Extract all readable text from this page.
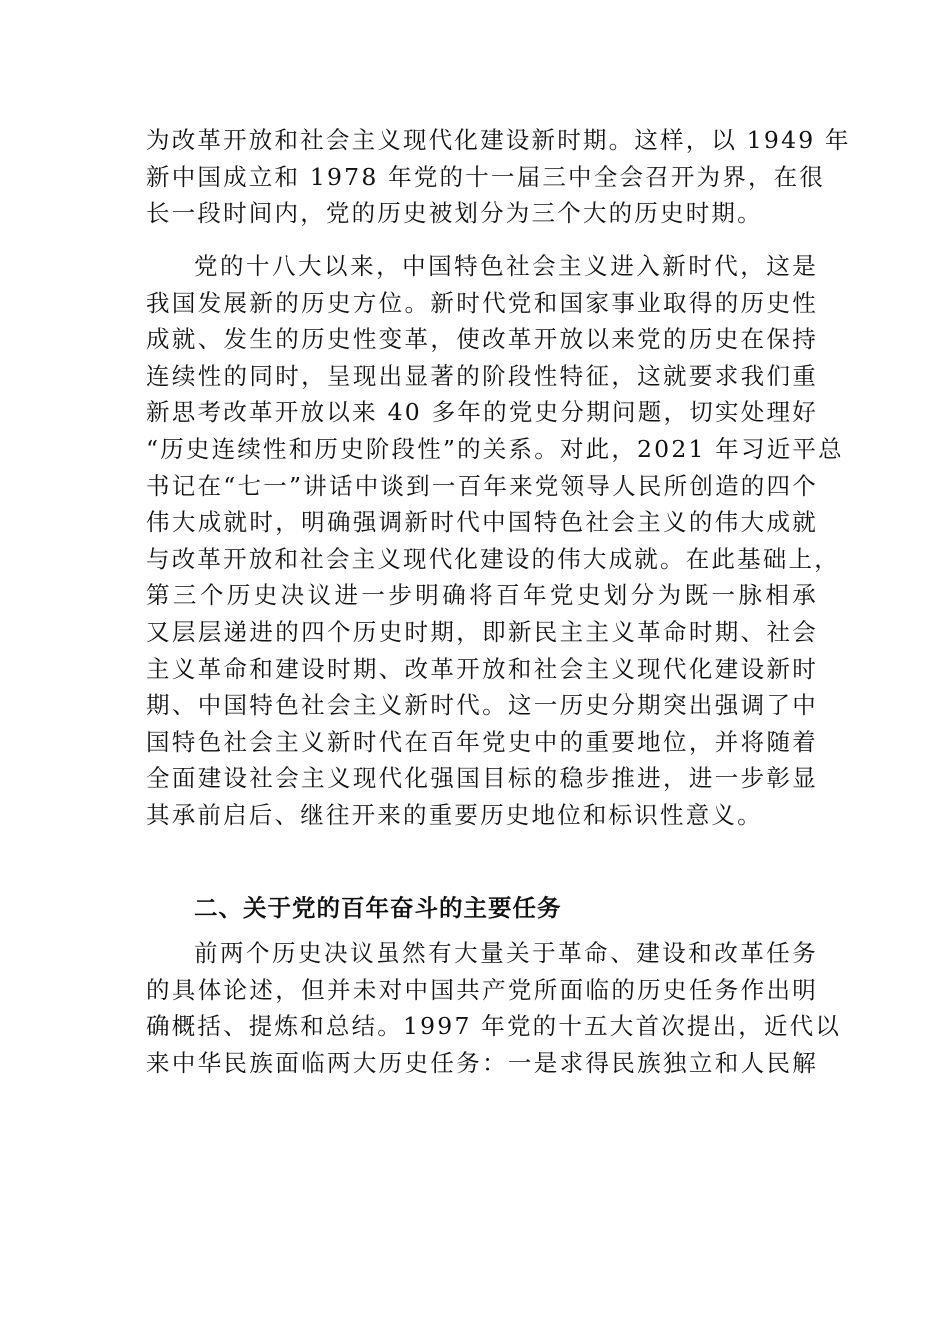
为改革开放和社会主义现代化建设新时期。这样，以 1949 年
新中国成立和 1978 年党的十一届三中全会召开为界，在很
长一段时间内，党的历史被划分为三个大的历史时期。
党的十八大以来，中国特色社会主义进入新时代，这是
我国发展新的历史方位。新时代党和国家事业取得的历史性
成就、发生的历史性变革，使改革开放以来党的历史在保持
连续性的同时，呈现出显著的阶段性特征，这就要求我们重
新思考改革开放以来 40 多年的党史分期问题，切实处理好
“历史连续性和历史阶段性”的关系。对此，2021 年习近平总
书记在“七一”讲话中谈到一百年来党领导人民所创造的四个
伟大成就时，明确强调新时代中国特色社会主义的伟大成就
与改革开放和社会主义现代化建设的伟大成就。在此基础上，
第三个历史决议进一步明确将百年党史划分为既一脉相承
又层层递进的四个历史时期，即新民主主义革命时期、社会
主义革命和建设时期、改革开放和社会主义现代化建设新时
期、中国特色社会主义新时代。这一历史分期突出强调了中
国特色社会主义新时代在百年党史中的重要地位，并将随着
全面建设社会主义现代化强国目标的稳步推进，进一步彰显
其承前启后、继往开来的重要历史地位和标识性意义。
二、关于党的百年奋斗的主要任务
前两个历史决议虽然有大量关于革命、建设和改革任务
的具体论述，但并未对中国共产党所面临的历史任务作出明
确概括、提炼和总结。1997 年党的十五大首次提出，近代以
来中华民族面临两大历史任务：一是求得民族独立和人民解
